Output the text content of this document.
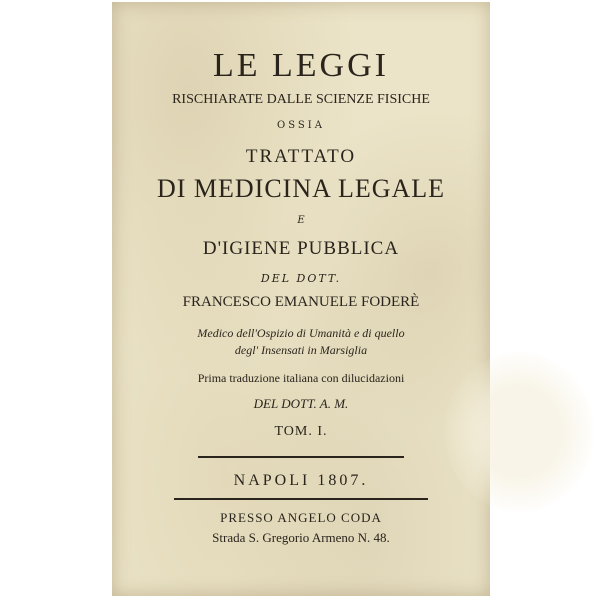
LE LEGGI
RISCHIARATE DALLE SCIENZE FISICHE
OSSIA
TRATTATO
DI MEDICINA LEGALE
E
D'IGIENE PUBBLICA
DEL DOTT.
FRANCESCO EMANUELE FODERÈ
Medico dell'Ospizio di Umanità e di quello
degl' Insensati in Marsiglia
Prima traduzione italiana con dilucidazioni
DEL DOTT. A. M.
TOM. I.
NAPOLI 1807.
PRESSO ANGELO CODA
Strada S. Gregorio Armeno N. 48.
